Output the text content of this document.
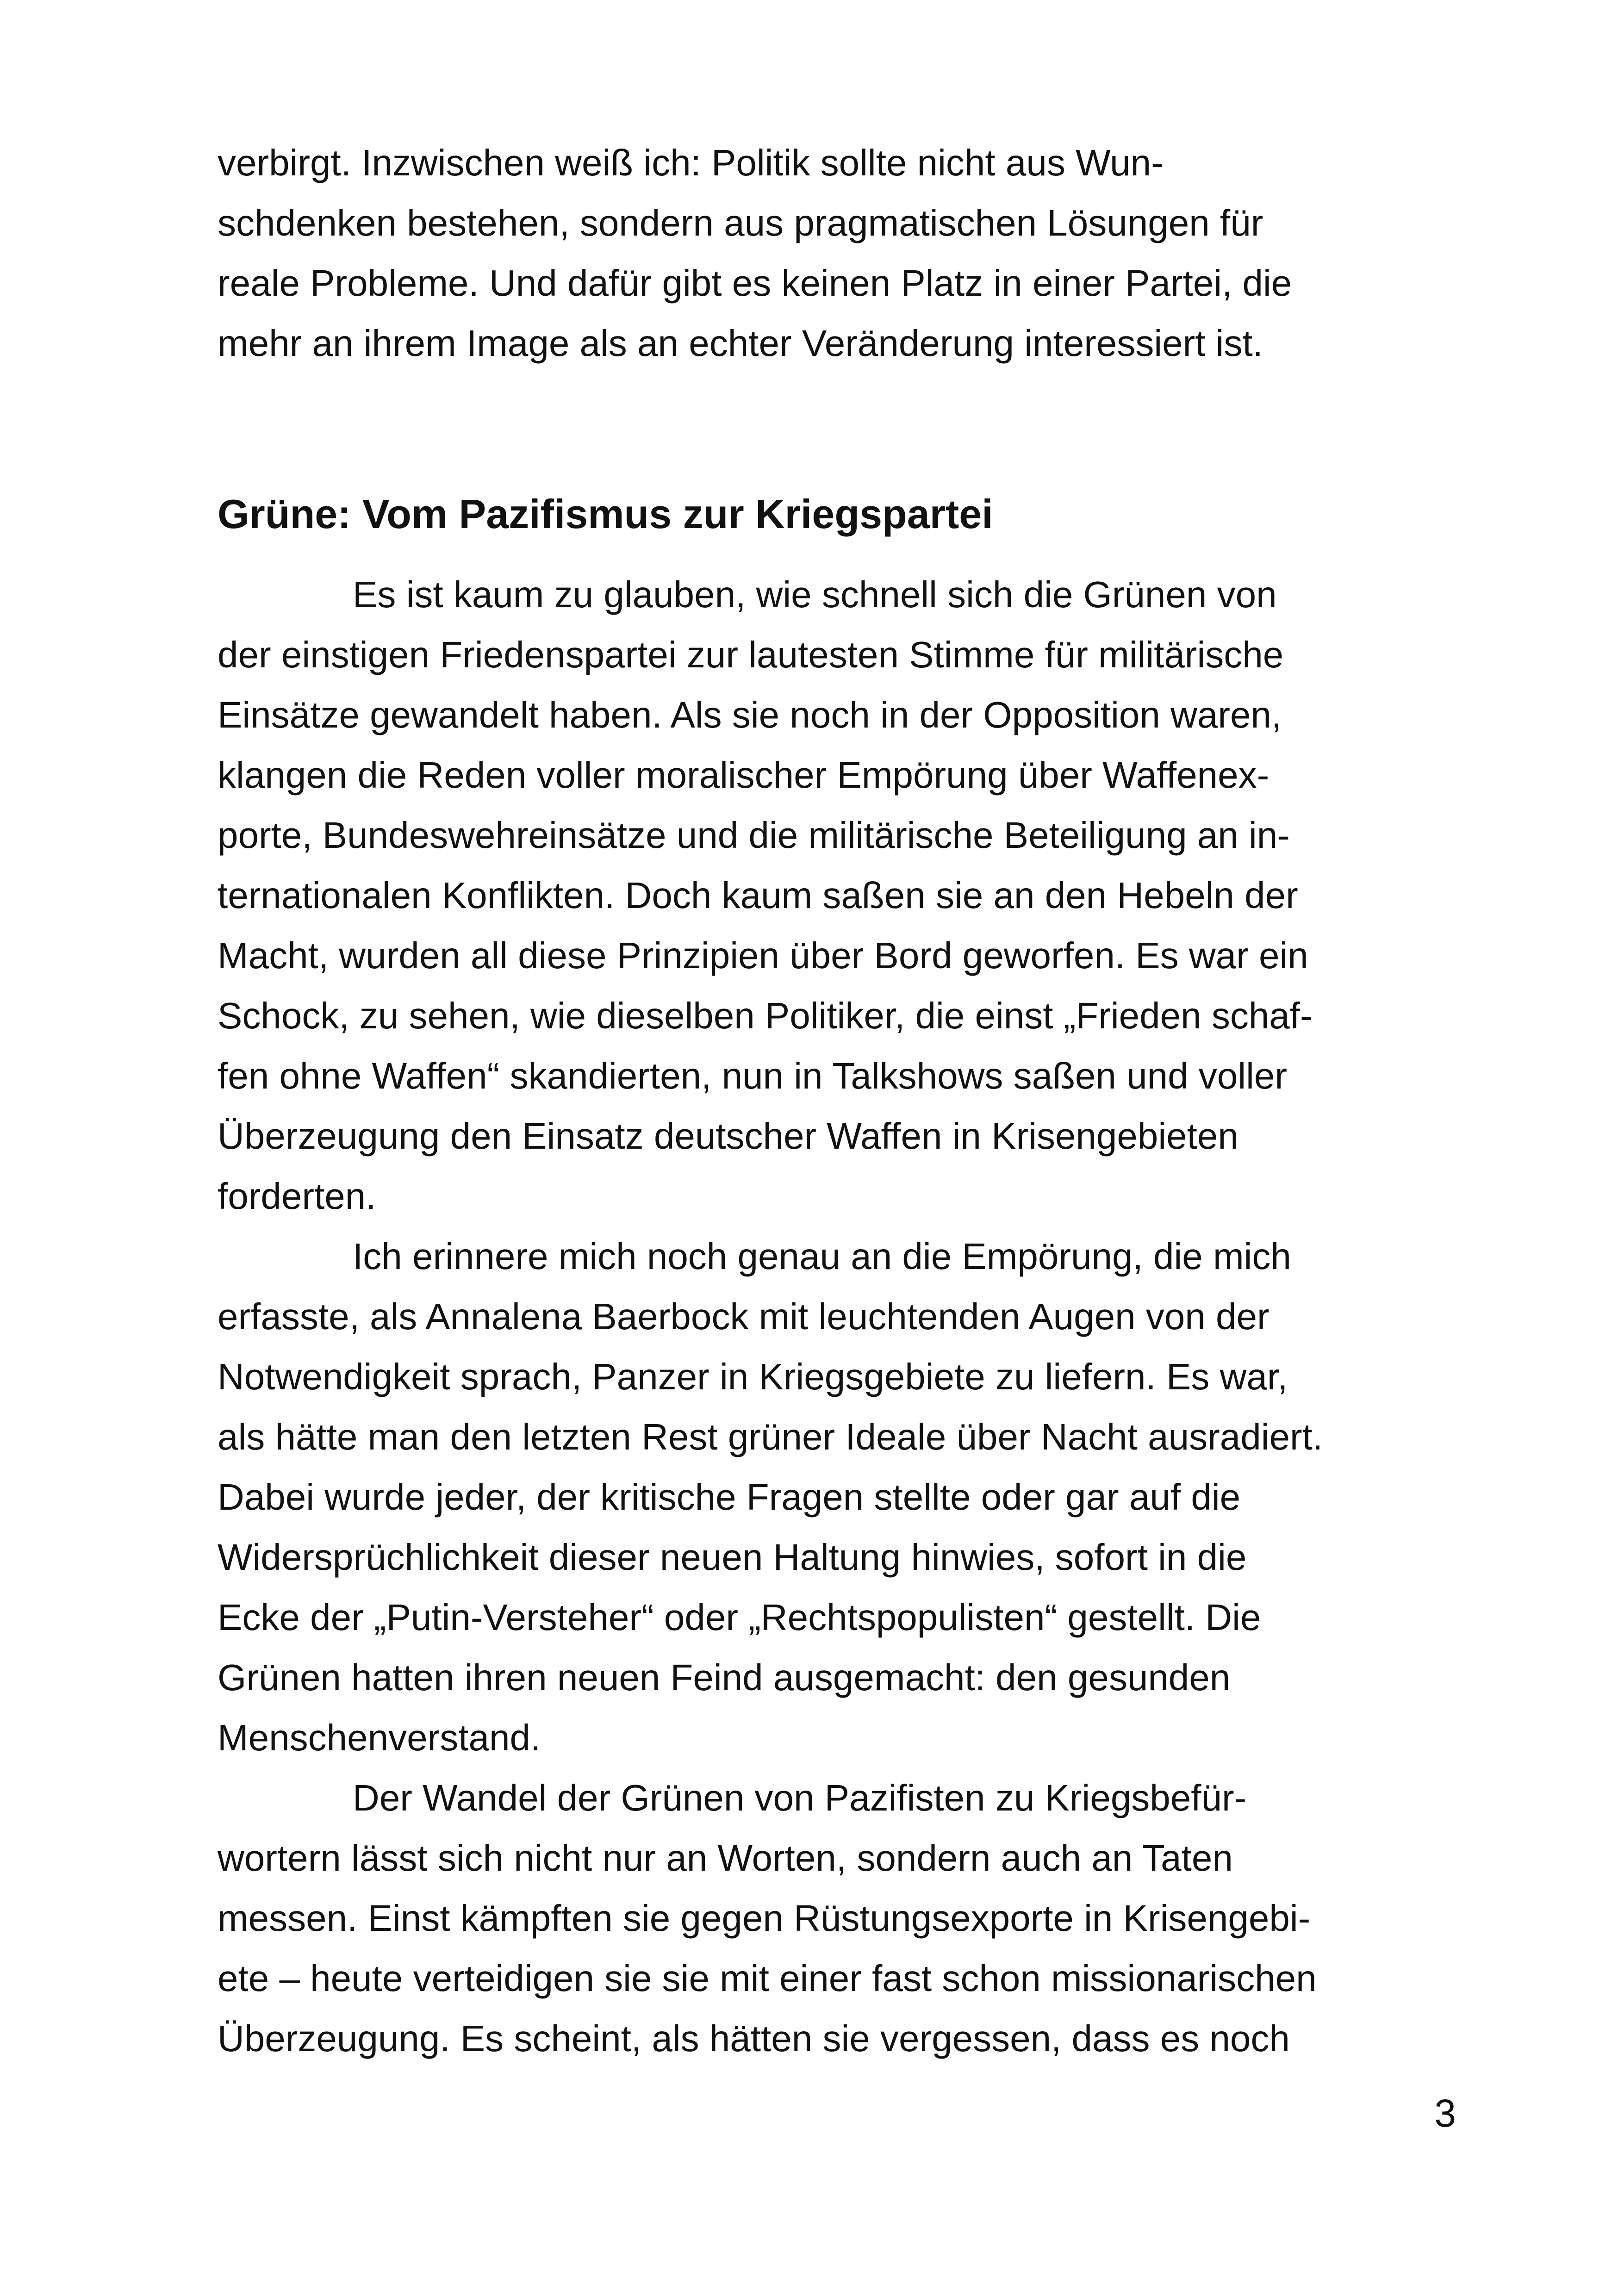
verbirgt. Inzwischen weiß ich: Politik sollte nicht aus Wun-
schdenken bestehen, sondern aus pragmatischen Lösungen für
reale Probleme. Und dafür gibt es keinen Platz in einer Partei, die
mehr an ihrem Image als an echter Veränderung interessiert ist.
Grüne: Vom Pazifismus zur Kriegspartei
Es ist kaum zu glauben, wie schnell sich die Grünen von
der einstigen Friedenspartei zur lautesten Stimme für militärische
Einsätze gewandelt haben. Als sie noch in der Opposition waren,
klangen die Reden voller moralischer Empörung über Waffenex-
porte, Bundeswehreinsätze und die militärische Beteiligung an in-
ternationalen Konflikten. Doch kaum saßen sie an den Hebeln der
Macht, wurden all diese Prinzipien über Bord geworfen. Es war ein
Schock, zu sehen, wie dieselben Politiker, die einst „Frieden schaf-
fen ohne Waffen“ skandierten, nun in Talkshows saßen und voller
Überzeugung den Einsatz deutscher Waffen in Krisengebieten
forderten.
Ich erinnere mich noch genau an die Empörung, die mich
erfasste, als Annalena Baerbock mit leuchtenden Augen von der
Notwendigkeit sprach, Panzer in Kriegsgebiete zu liefern. Es war,
als hätte man den letzten Rest grüner Ideale über Nacht ausradiert.
Dabei wurde jeder, der kritische Fragen stellte oder gar auf die
Widersprüchlichkeit dieser neuen Haltung hinwies, sofort in die
Ecke der „Putin-Versteher“ oder „Rechtspopulisten“ gestellt. Die
Grünen hatten ihren neuen Feind ausgemacht: den gesunden
Menschenverstand.
Der Wandel der Grünen von Pazifisten zu Kriegsbefür-
wortern lässt sich nicht nur an Worten, sondern auch an Taten
messen. Einst kämpften sie gegen Rüstungsexporte in Krisengebi-
ete – heute verteidigen sie sie mit einer fast schon missionarischen
Überzeugung. Es scheint, als hätten sie vergessen, dass es noch
3
